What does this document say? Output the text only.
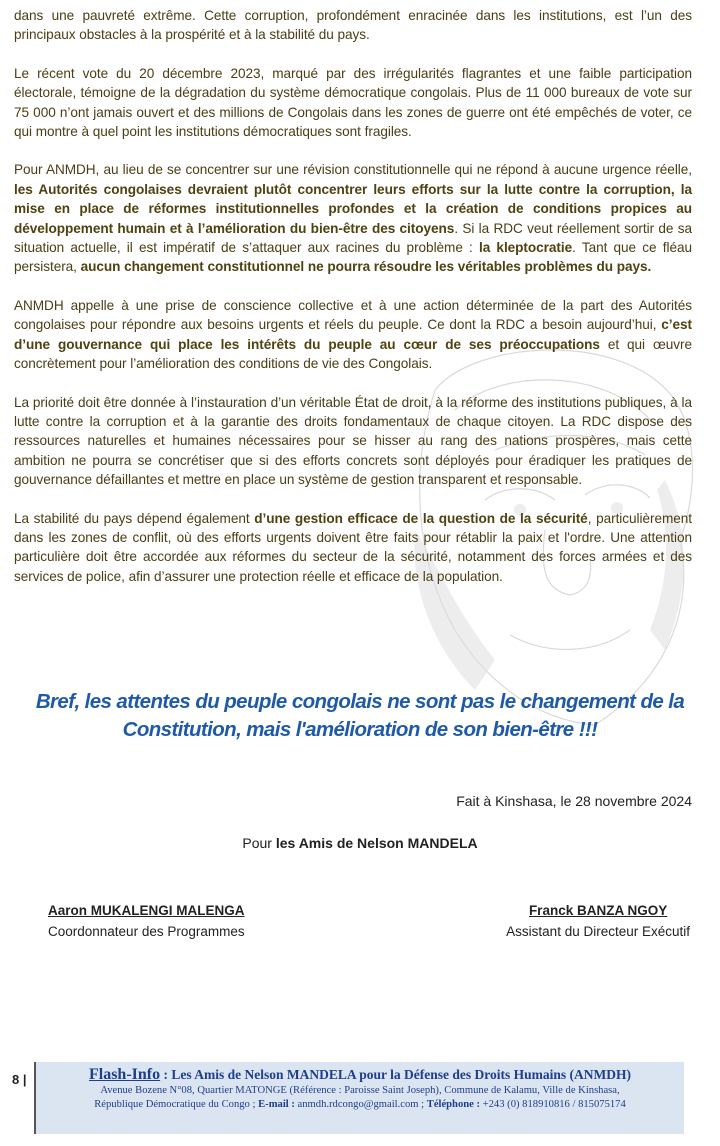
dans une pauvreté extrême. Cette corruption, profondément enracinée dans les institutions, est l’un des principaux obstacles à la prospérité et à la stabilité du pays.

Le récent vote du 20 décembre 2023, marqué par des irrégularités flagrantes et une faible participation électorale, témoigne de la dégradation du système démocratique congolais. Plus de 11 000 bureaux de vote sur 75 000 n’ont jamais ouvert et des millions de Congolais dans les zones de guerre ont été empêchés de voter, ce qui montre à quel point les institutions démocratiques sont fragiles.

Pour ANMDH, au lieu de se concentrer sur une révision constitutionnelle qui ne répond à aucune urgence réelle, les Autorités congolaises devraient plutôt concentrer leurs efforts sur la lutte contre la corruption, la mise en place de réformes institutionnelles profondes et la création de conditions propices au développement humain et à l’amélioration du bien-être des citoyens. Si la RDC veut réellement sortir de sa situation actuelle, il est impératif de s’attaquer aux racines du problème : la kleptocratie. Tant que ce fléau persistera, aucun changement constitutionnel ne pourra résoudre les véritables problèmes du pays.

ANMDH appelle à une prise de conscience collective et à une action déterminée de la part des Autorités congolaises pour répondre aux besoins urgents et réels du peuple. Ce dont la RDC a besoin aujourd’hui, c’est d’une gouvernance qui place les intérêts du peuple au cœur de ses préoccupations et qui œuvre concrètement pour l’amélioration des conditions de vie des Congolais.

La priorité doit être donnée à l’instauration d’un véritable État de droit, à la réforme des institutions publiques, à la lutte contre la corruption et à la garantie des droits fondamentaux de chaque citoyen. La RDC dispose des ressources naturelles et humaines nécessaires pour se hisser au rang des nations prospères, mais cette ambition ne pourra se concrétiser que si des efforts concrets sont déployés pour éradiquer les pratiques de gouvernance défaillantes et mettre en place un système de gestion transparent et responsable.

La stabilité du pays dépend également d’une gestion efficace de la question de la sécurité, particulièrement dans les zones de conflit, où des efforts urgents doivent être faits pour rétablir la paix et l'ordre. Une attention particulière doit être accordée aux réformes du secteur de la sécurité, notamment des forces armées et des services de police, afin d’assurer une protection réelle et efficace de la population.

Bref, les attentes du peuple congolais ne sont pas le changement de la
Constitution, mais l'amélioration de son bien-être !!!
Fait à Kinshasa, le 28 novembre 2024
Pour les Amis de Nelson MANDELA
Aaron MUKALENGI MALENGA
Coordonnateur des Programmes
Franck BANZA NGOY
Assistant du Directeur Exécutif
8 |	Flash-Info : Les Amis de Nelson MANDELA pour la Défense des Droits Humains (ANMDH)
Avenue Bozene N°08, Quartier MATONGE (Référence : Paroisse Saint Joseph), Commune de Kalamu, Ville de Kinshasa,
République Démocratique du Congo ; E-mail : anmdh.rdcongo@gmail.com ; Téléphone : +243 (0) 818910816 / 815075174
